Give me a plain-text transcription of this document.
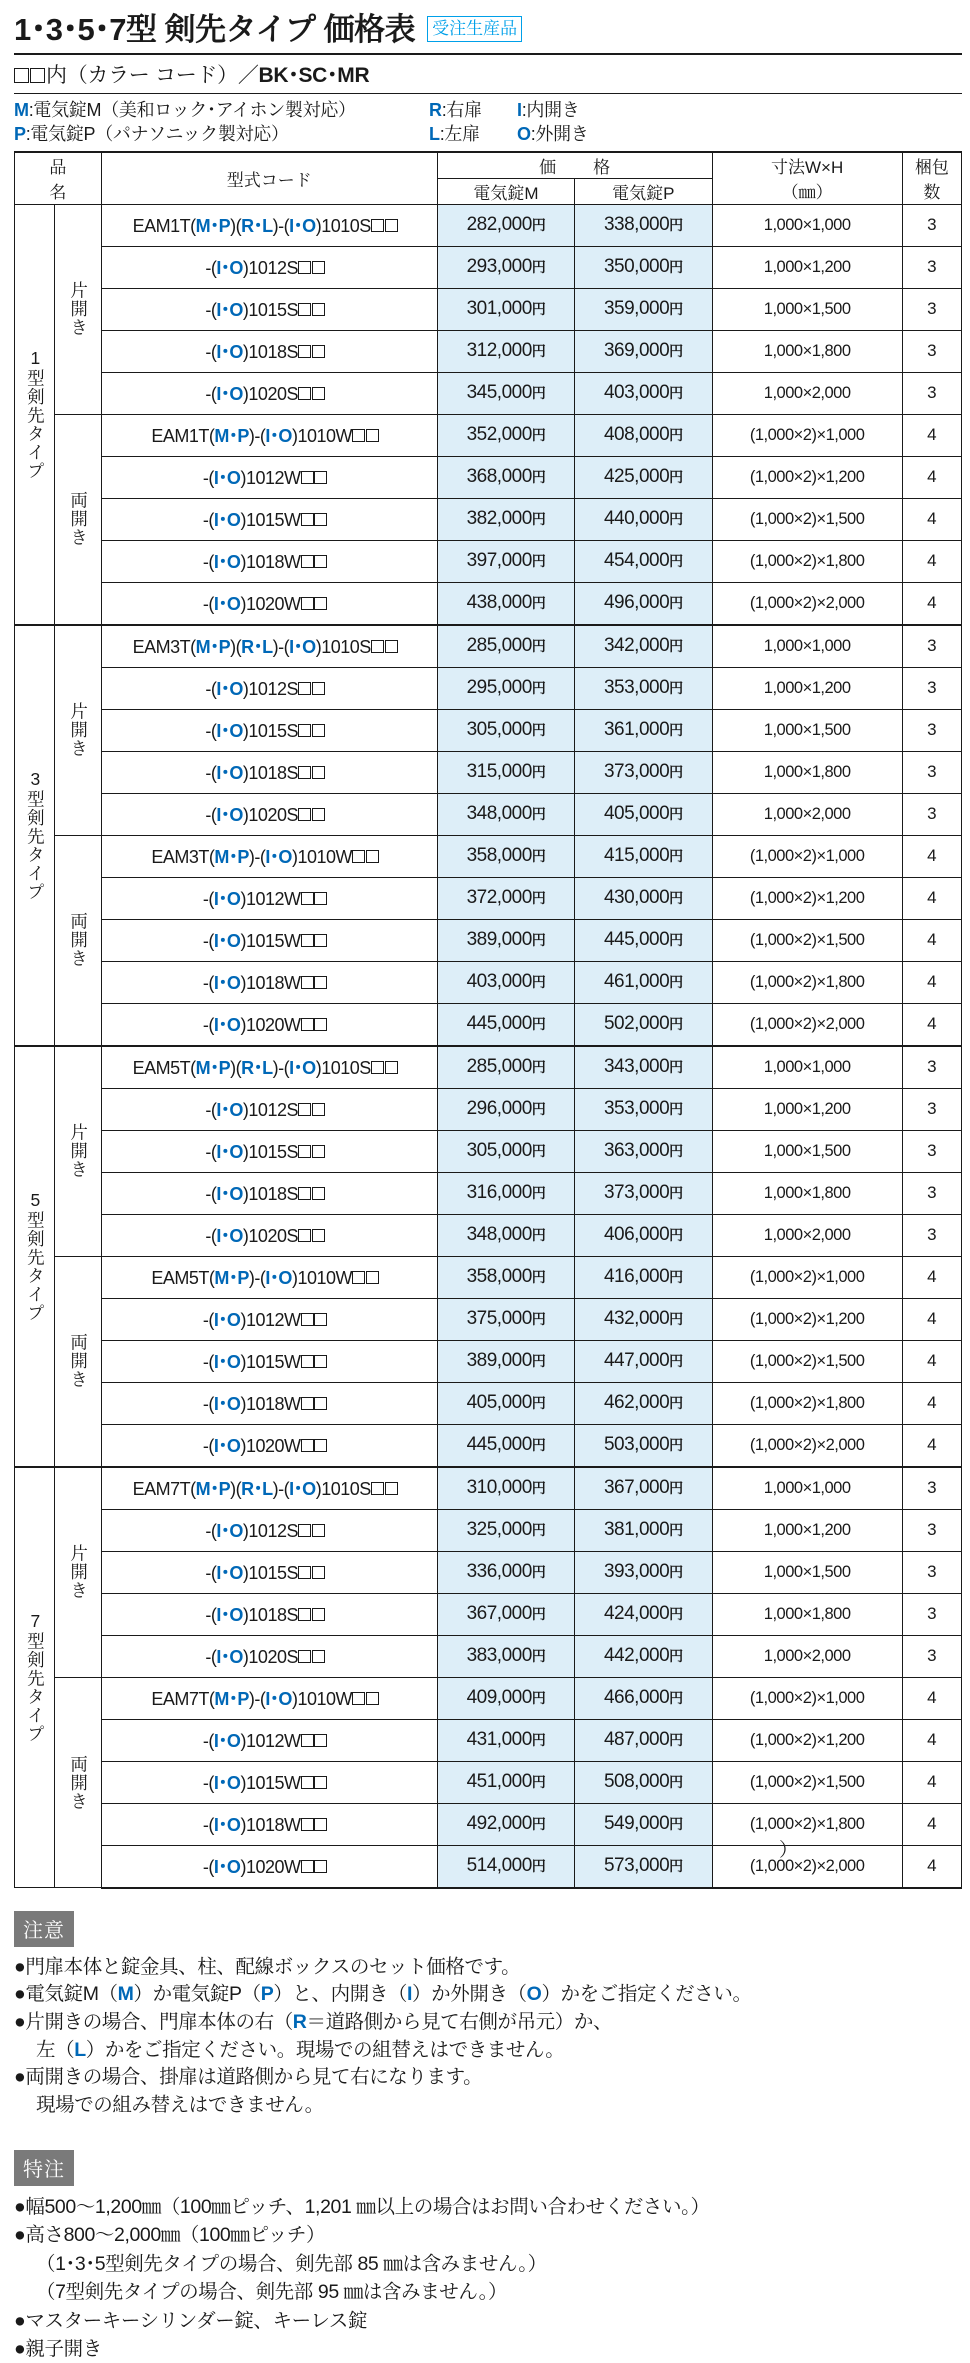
1･3･5･7型 剣先タイプ 価格表 受注生産品
内（カラー コード）／BK･SC･MR
M:電気錠M（美和ロック･アイホン製対応）	R:右扉	I:内開き
P:電気錠P（パナソニック製対応）	L:左扉	O:外開き
品　名	型式コード	価　格	寸法W×H
（㎜）

梱包
数

			電気錠M	電気錠P		

1型剣先タイプ	片開き	EAM1T(M･P)(R･L)-(I･O)1010S	282,000円	338,000円	1,000×1,000	3
		-(I･O)1012S	293,000円	350,000円	1,000×1,200	3
		-(I･O)1015S	301,000円	359,000円	1,000×1,500	3
		-(I･O)1018S	312,000円	369,000円	1,000×1,800	3
		-(I･O)1020S	345,000円	403,000円	1,000×2,000	3

	両開き	EAM1T(M･P)-(I･O)1010W	352,000円	408,000円	(1,000×2)×1,000	4
		-(I･O)1012W	368,000円	425,000円	(1,000×2)×1,200	4
		-(I･O)1015W	382,000円	440,000円	(1,000×2)×1,500	4
		-(I･O)1018W	397,000円	454,000円	(1,000×2)×1,800	4
		-(I･O)1020W	438,000円	496,000円	(1,000×2)×2,000	4

3型剣先タイプ	片開き	EAM3T(M･P)(R･L)-(I･O)1010S	285,000円	342,000円	1,000×1,000	3
		-(I･O)1012S	295,000円	353,000円	1,000×1,200	3
		-(I･O)1015S	305,000円	361,000円	1,000×1,500	3
		-(I･O)1018S	315,000円	373,000円	1,000×1,800	3
		-(I･O)1020S	348,000円	405,000円	1,000×2,000	3

	両開き	EAM3T(M･P)-(I･O)1010W	358,000円	415,000円	(1,000×2)×1,000	4
		-(I･O)1012W	372,000円	430,000円	(1,000×2)×1,200	4
		-(I･O)1015W	389,000円	445,000円	(1,000×2)×1,500	4
		-(I･O)1018W	403,000円	461,000円	(1,000×2)×1,800	4
		-(I･O)1020W	445,000円	502,000円	(1,000×2)×2,000	4

5型剣先タイプ	片開き	EAM5T(M･P)(R･L)-(I･O)1010S	285,000円	343,000円	1,000×1,000	3
		-(I･O)1012S	296,000円	353,000円	1,000×1,200	3
		-(I･O)1015S	305,000円	363,000円	1,000×1,500	3
		-(I･O)1018S	316,000円	373,000円	1,000×1,800	3
		-(I･O)1020S	348,000円	406,000円	1,000×2,000	3

	両開き	EAM5T(M･P)-(I･O)1010W	358,000円	416,000円	(1,000×2)×1,000	4
		-(I･O)1012W	375,000円	432,000円	(1,000×2)×1,200	4
		-(I･O)1015W	389,000円	447,000円	(1,000×2)×1,500	4
		-(I･O)1018W	405,000円	462,000円	(1,000×2)×1,800	4
		-(I･O)1020W	445,000円	503,000円	(1,000×2)×2,000	4

7型剣先タイプ	片開き	EAM7T(M･P)(R･L)-(I･O)1010S	310,000円	367,000円	1,000×1,000	3
		-(I･O)1012S	325,000円	381,000円	1,000×1,200	3
		-(I･O)1015S	336,000円	393,000円	1,000×1,500	3
		-(I･O)1018S	367,000円	424,000円	1,000×1,800	3
		-(I･O)1020S	383,000円	442,000円	1,000×2,000	3

	両開き	EAM7T(M･P)-(I･O)1010W	409,000円	466,000円	(1,000×2)×1,000	4
		-(I･O)1012W	431,000円	487,000円	(1,000×2)×1,200	4
		-(I･O)1015W	451,000円	508,000円	(1,000×2)×1,500	4
		-(I･O)1018W	492,000円	549,000円	(1,000×2)×1,800	4
		-(I･O)1020W	514,000円	573,000円	(1,000×2)×2,000	4
注意
●門扉本体と錠金具、柱、配線ボックスのセット価格です。
●電気錠M（M）か電気錠P（P）と、内開き（I）か外開き（O）かをご指定ください。
●片開きの場合、門扉本体の右（R＝道路側から見て右側が吊元）か、
左（L）かをご指定ください。現場での組替えはできません。
●両開きの場合、掛扉は道路側から見て右になります。
現場での組み替えはできません。
）
特注
●幅500〜1,200㎜（100㎜ピッチ、1,201 ㎜以上の場合はお問い合わせください。）
●高さ800〜2,000㎜（100㎜ピッチ）
（1･3･5型剣先タイプの場合、剣先部 85 ㎜は含みません。）
（7型剣先タイプの場合、剣先部 95 ㎜は含みません。）
●マスターキーシリンダー錠、キーレス錠
●親子開き
